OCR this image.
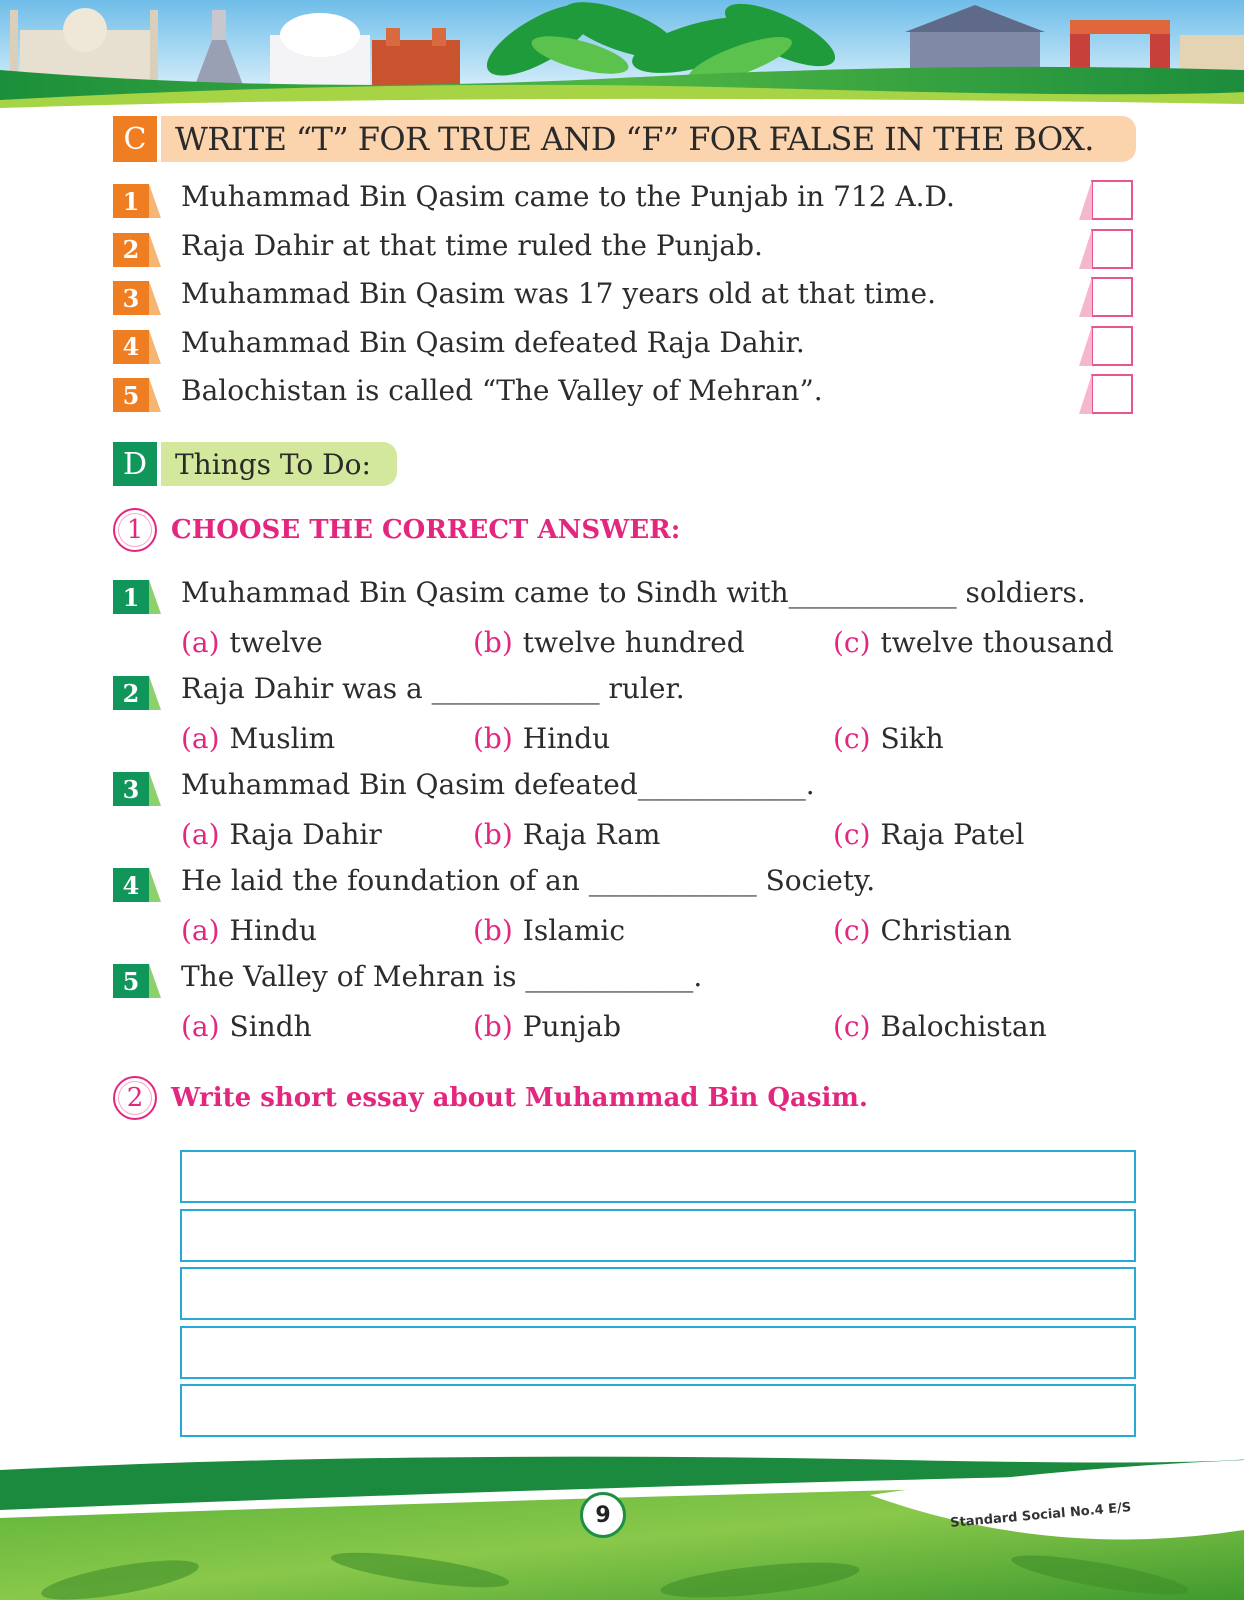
C WRITE “T” FOR TRUE AND “F” FOR FALSE IN THE BOX.
1	Muhammad Bin Qasim came to the Punjab in 712 A.D.
2	Raja Dahir at that time ruled the Punjab.
3	Muhammad Bin Qasim was 17 years old at that time.
4	Muhammad Bin Qasim defeated Raja Dahir.
5	Balochistan is called “The Valley of Mehran”.
D Things To Do:
1	CHOOSE THE CORRECT ANSWER:
1	Muhammad Bin Qasim came to Sindh with____________ soldiers.
(a) twelve	(b) twelve hundred	(c) twelve thousand
2	Raja Dahir was a ____________ ruler.
(a) Muslim	(b) Hindu	(c) Sikh
3	Muhammad Bin Qasim defeated____________.
(a) Raja Dahir	(b) Raja Ram	(c) Raja Patel
4	He laid the foundation of an ____________ Society.
(a) Hindu	(b) Islamic	(c) Christian
5	The Valley of Mehran is ____________.
(a) Sindh	(b) Punjab	(c) Balochistan
2	Write short essay about Muhammad Bin Qasim.
9	Standard Social No.4 E/S
